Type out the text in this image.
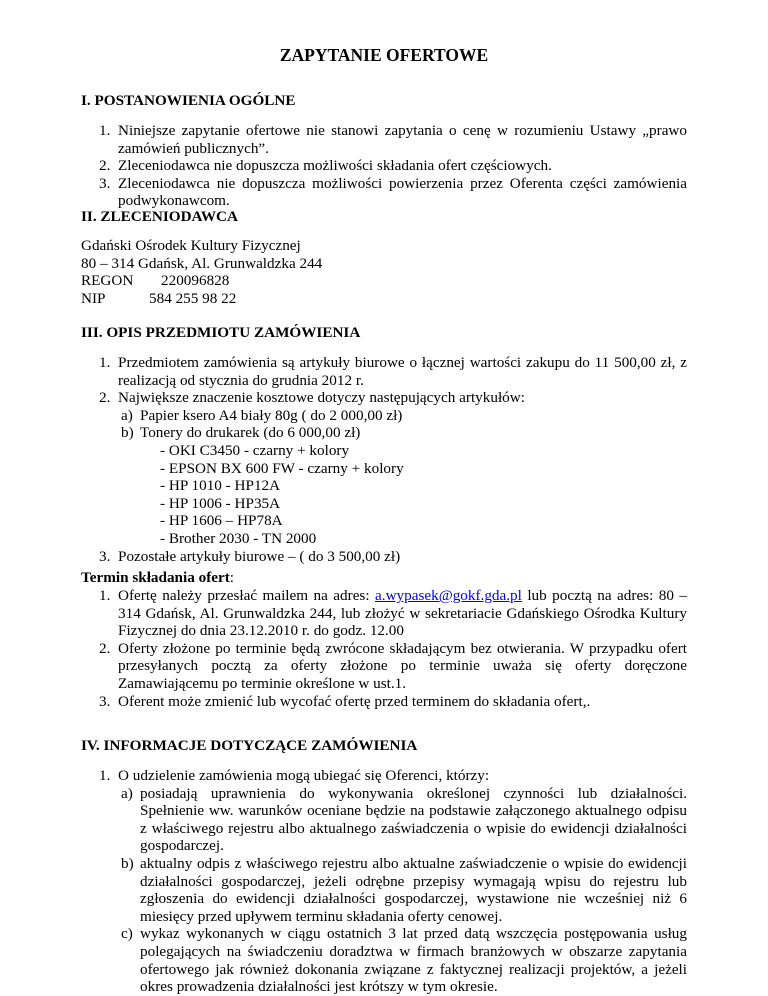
ZAPYTANIE OFERTOWE

I. POSTANOWIENIA OGÓLNE

1. Niniejsze zapytanie ofertowe nie stanowi zapytania o cenę w rozumieniu Ustawy „prawo zamówień publicznych”.
2. Zleceniodawca nie dopuszcza możliwości składania ofert częściowych.
3. Zleceniodawca nie dopuszcza możliwości powierzenia przez Oferenta części zamówienia podwykonawcom.

II. ZLECENIODAWCA

Gdański Ośrodek Kultury Fizycznej
80 – 314 Gdańsk, Al. Grunwaldzka 244
REGON 220096828
NIP	584 255 98 22

III. OPIS PRZEDMIOTU ZAMÓWIENIA

1. Przedmiotem zamówienia są artykuły biurowe o łącznej wartości zakupu do 11 500,00 zł, z realizacją od stycznia do grudnia 2012 r.
2. Największe znaczenie kosztowe dotyczy następujących artykułów:
a) Papier ksero A4 biały 80g ( do 2 000,00 zł)
b) Tonery do drukarek (do 6 000,00 zł)
- OKI C3450 - czarny + kolory
- EPSON BX 600 FW - czarny + kolory
- HP 1010 - HP12A
- HP 1006 - HP35A
- HP 1606 – HP78A
- Brother 2030 - TN 2000
3. Pozostałe artykuły biurowe – ( do 3 500,00 zł)

Termin składania ofert:

1. Ofertę należy przesłać mailem na adres: a.wypasek@gokf.gda.pl lub pocztą na adres: 80 – 314 Gdańsk, Al. Grunwaldzka 244, lub złożyć w sekretariacie Gdańskiego Ośrodka Kultury Fizycznej do dnia 23.12.2010 r. do godz. 12.00
2. Oferty złożone po terminie będą zwrócone składającym bez otwierania. W przypadku ofert przesyłanych pocztą za oferty złożone po terminie uważa się oferty doręczone Zamawiającemu po terminie określone w ust.1.
3. Oferent może zmienić lub wycofać ofertę przed terminem do składania ofert,.

IV. INFORMACJE DOTYCZĄCE ZAMÓWIENIA

1. O udzielenie zamówienia mogą ubiegać się Oferenci, którzy:
a) posiadają uprawnienia do wykonywania określonej czynności lub działalności. Spełnienie ww. warunków oceniane będzie na podstawie załączonego aktualnego odpisu z właściwego rejestru albo aktualnego zaświadczenia o wpisie do ewidencji działalności gospodarczej.
b) aktualny odpis z właściwego rejestru albo aktualne zaświadczenie o wpisie do ewidencji działalności gospodarczej, jeżeli odrębne przepisy wymagają wpisu do rejestru lub zgłoszenia do ewidencji działalności gospodarczej, wystawione nie wcześniej niż 6 miesięcy przed upływem terminu składania oferty cenowej.
c) wykaz wykonanych w ciągu ostatnich 3 lat przed datą wszczęcia postępowania usług polegających na świadczeniu doradztwa w firmach branżowych w obszarze zapytania ofertowego jak również dokonania związane z faktycznej realizacji projektów, a jeżeli okres prowadzenia działalności jest krótszy w tym okresie.
